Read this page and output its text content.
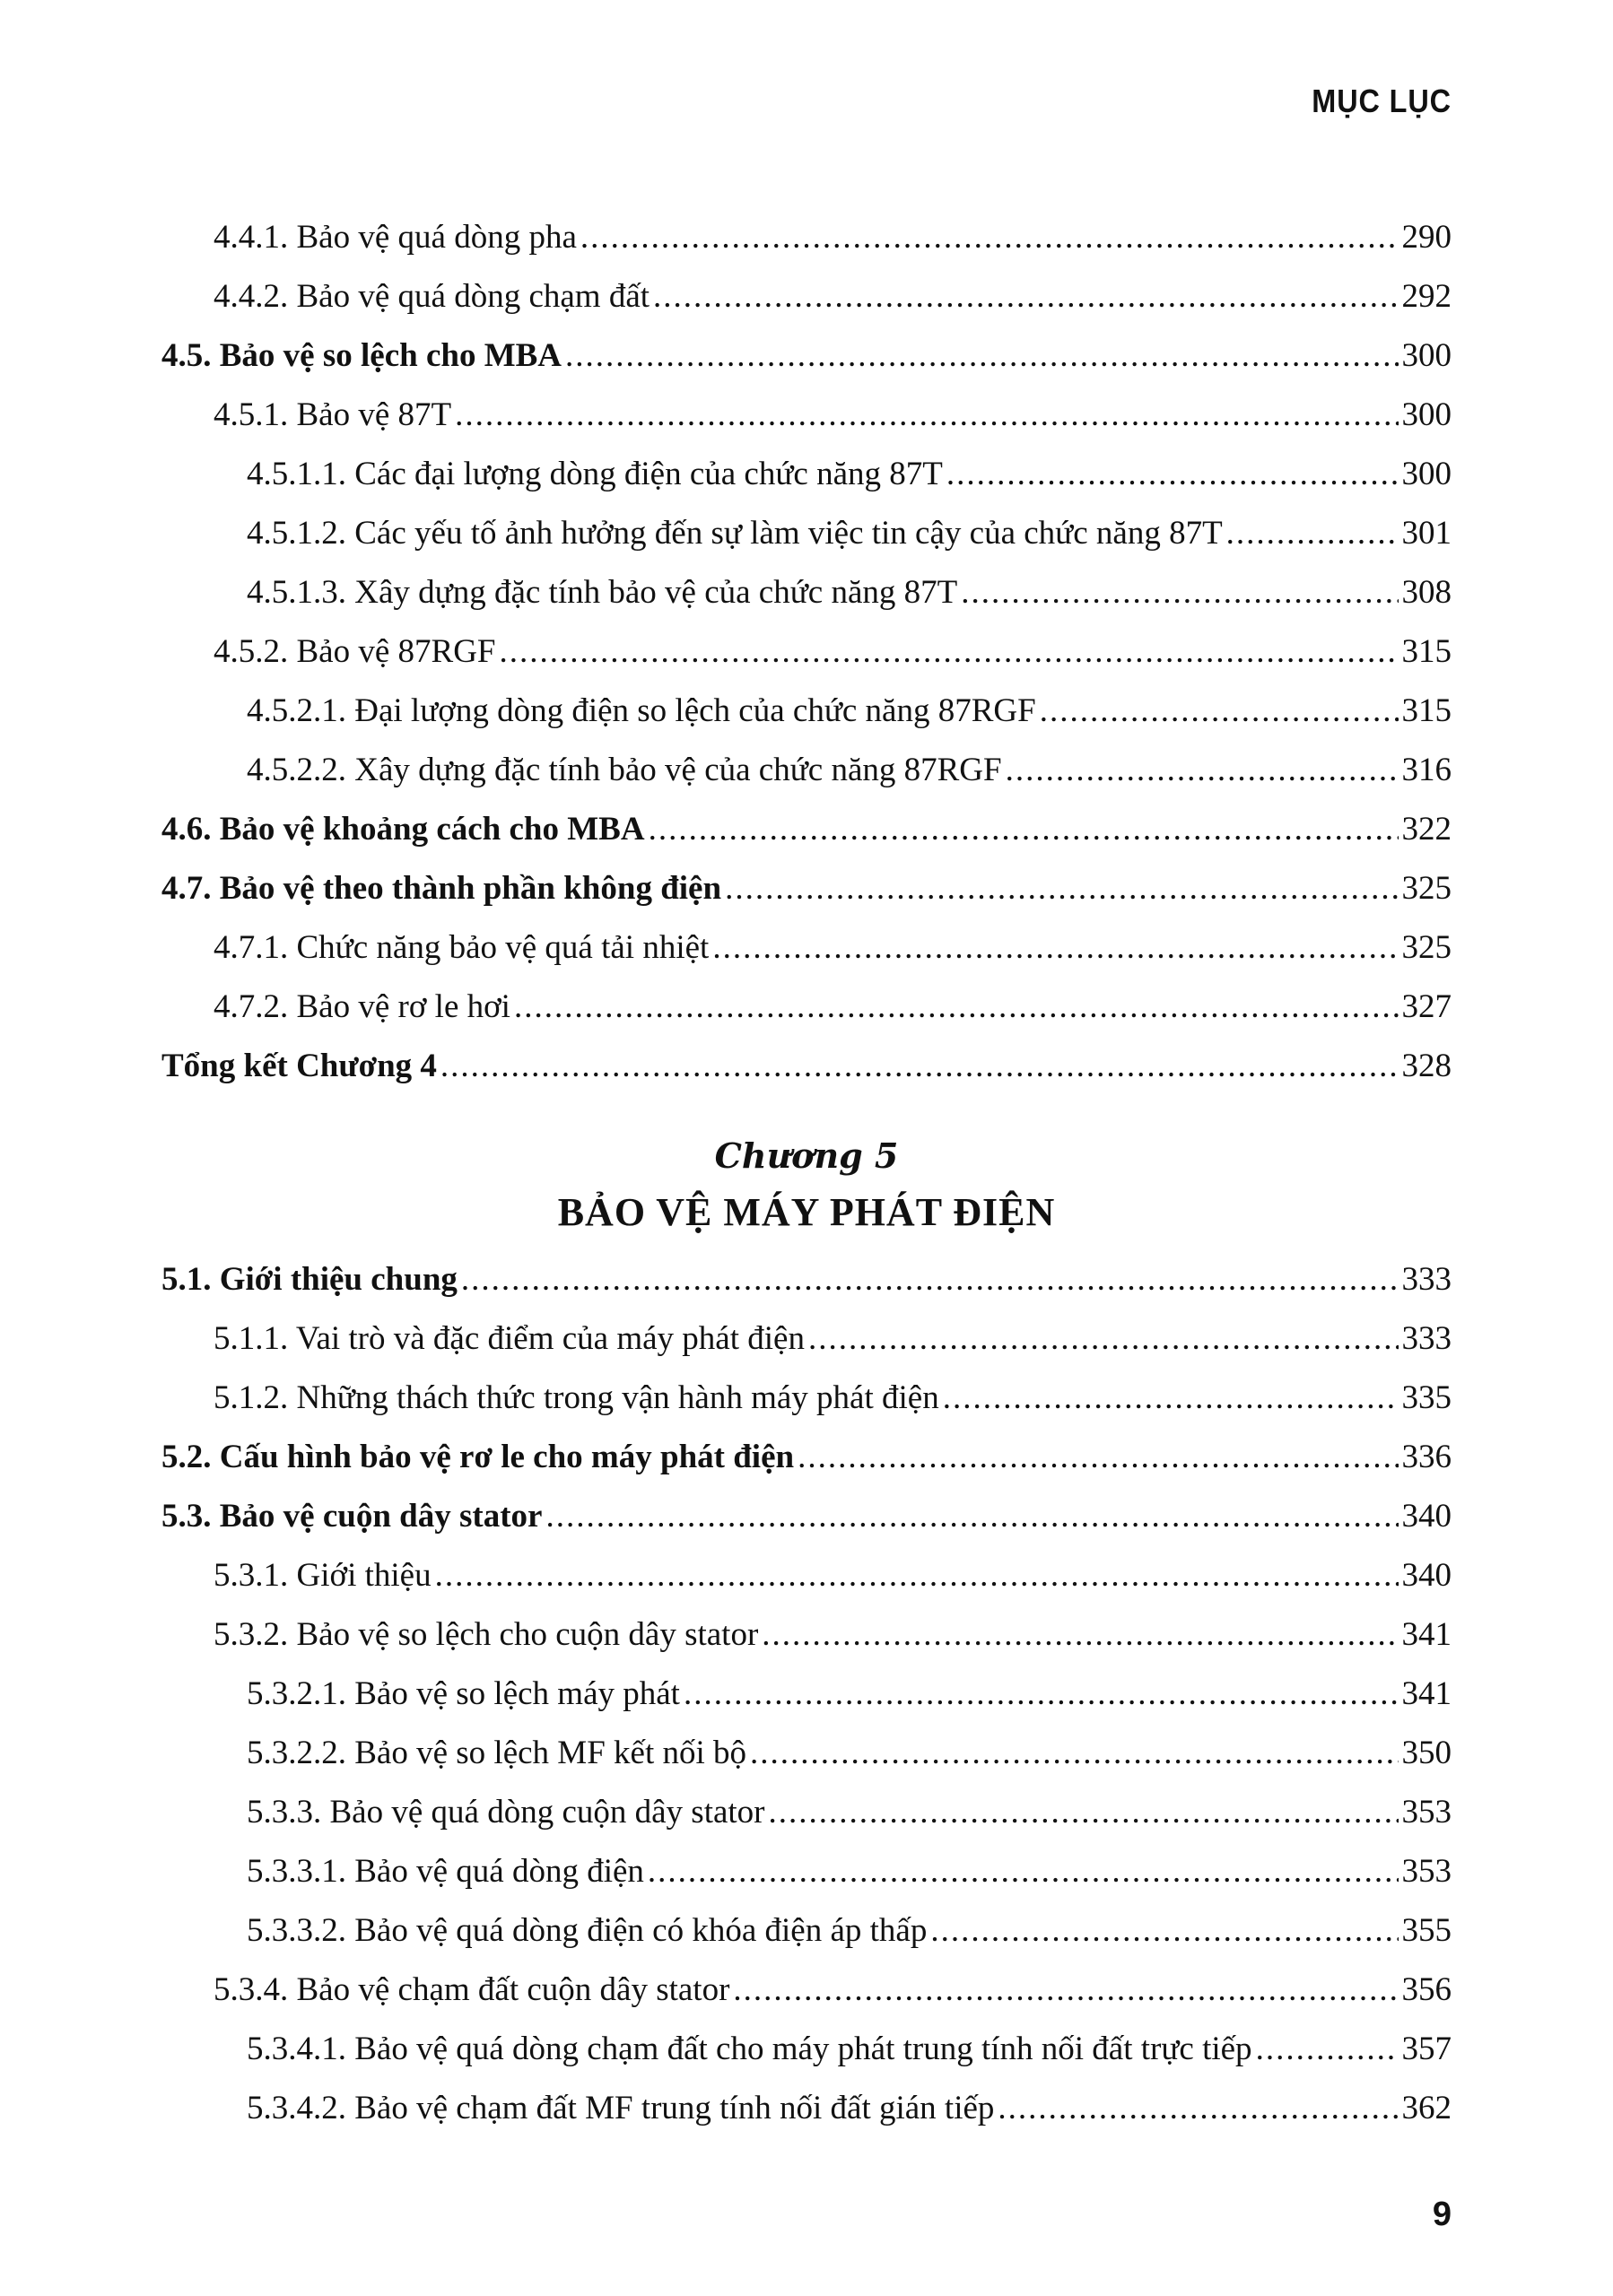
MỤC LỤC
4.4.1. Bảo vệ quá dòng pha .....	290
4.4.2. Bảo vệ quá dòng chạm đất .....	292
4.5. Bảo vệ so lệch cho MBA .....	300
4.5.1. Bảo vệ 87T .....	300
4.5.1.1. Các đại lượng dòng điện của chức năng 87T .....	300
4.5.1.2. Các yếu tố ảnh hưởng đến sự làm việc tin cậy của chức năng 87T .....	301
4.5.1.3. Xây dựng đặc tính bảo vệ của chức năng 87T .....	308
4.5.2. Bảo vệ 87RGF .....	315
4.5.2.1. Đại lượng dòng điện so lệch của chức năng 87RGF .....	315
4.5.2.2. Xây dựng đặc tính bảo vệ của chức năng 87RGF .....	316
4.6. Bảo vệ khoảng cách cho MBA .....	322
4.7. Bảo vệ theo thành phần không điện .....	325
4.7.1. Chức năng bảo vệ quá tải nhiệt .....	325
4.7.2. Bảo vệ rơ le hơi .....	327
Tổng kết Chương 4 .....	328
Chương 5
BẢO VỆ MÁY PHÁT ĐIỆN
5.1. Giới thiệu chung .....	333
5.1.1. Vai trò và đặc điểm của máy phát điện .....	333
5.1.2. Những thách thức trong vận hành máy phát điện .....	335
5.2. Cấu hình bảo vệ rơ le cho máy phát điện .....	336
5.3. Bảo vệ cuộn dây stator .....	340
5.3.1. Giới thiệu .....	340
5.3.2. Bảo vệ so lệch cho cuộn dây stator .....	341
5.3.2.1. Bảo vệ so lệch máy phát .....	341
5.3.2.2. Bảo vệ so lệch MF kết nối bộ .....	350
5.3.3. Bảo vệ quá dòng cuộn dây stator .....	353
5.3.3.1. Bảo vệ quá dòng điện .....	353
5.3.3.2. Bảo vệ quá dòng điện có khóa điện áp thấp .....	355
5.3.4. Bảo vệ chạm đất cuộn dây stator .....	356
5.3.4.1. Bảo vệ quá dòng chạm đất cho máy phát trung tính nối đất trực tiếp .....	357
5.3.4.2. Bảo vệ chạm đất MF trung tính nối đất gián tiếp .....	362
9
